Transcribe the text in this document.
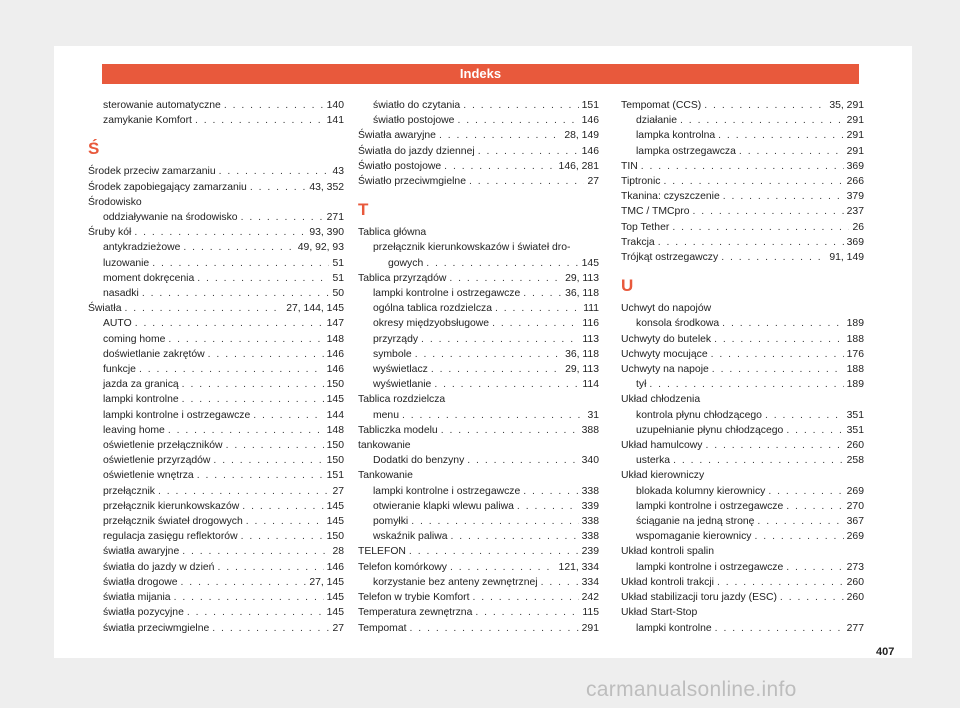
Indeks
sterowanie automatyczne . . .	140
zamykanie Komfort . . .	141
Ś
Środek przeciw zamarzaniu . . .	43
Środek zapobiegający zamarzaniu . . .	43, 352
Środowisko
oddziaływanie na środowisko . . .	271
Śruby kół . . .	93, 390
antykradzieżowe . . .	49, 92, 93
luzowanie . . .	51
moment dokręcenia . . .	51
nasadki . . .	50
Światła . . .	27, 144, 145
AUTO . . .	147
coming home . . .	148
doświetlanie zakrętów . . .	146
funkcje . . .	146
jazda za granicą . . .	150
lampki kontrolne . . .	145
lampki kontrolne i ostrzegawcze . . .	144
leaving home . . .	148
oświetlenie przełączników . . .	150
oświetlenie przyrządów . . .	150
oświetlenie wnętrza . . .	151
przełącznik . . .	27
przełącznik kierunkowskazów . . .	145
przełącznik świateł drogowych . . .	145
regulacja zasięgu reflektorów . . .	150
światła awaryjne . . .	28
światła do jazdy w dzień . . .	146
światła drogowe . . .	27, 145
światła mijania . . .	145
światła pozycyjne . . .	145
światła przeciwmgielne . . .	27
światło do czytania . . .	151
światło postojowe . . .	146
Światła awaryjne . . .	28, 149
Światła do jazdy dziennej . . .	146
Światło postojowe . . .	146, 281
Światło przeciwmgielne . . .	27
T
Tablica główna
przełącznik kierunkowskazów i świateł dro-
gowych . . .	145
Tablica przyrządów . . .	29, 113
lampki kontrolne i ostrzegawcze . . .	36, 118
ogólna tablica rozdzielcza . . .	111
okresy międzyobsługowe . . .	116
przyrządy . . .	113
symbole . . .	36, 118
wyświetlacz . . .	29, 113
wyświetlanie . . .	114
Tablica rozdzielcza
menu . . .	31
Tabliczka modelu . . .	388
tankowanie
Dodatki do benzyny . . .	340
Tankowanie
lampki kontrolne i ostrzegawcze . . .	338
otwieranie klapki wlewu paliwa . . .	339
pomyłki . . .	338
wskaźnik paliwa . . .	338
TELEFON . . .	239
Telefon komórkowy . . .	121, 334
korzystanie bez anteny zewnętrznej . . .	334
Telefon w trybie Komfort . . .	242
Temperatura zewnętrzna . . .	115
Tempomat . . .	291
Tempomat (CCS) . . .	35, 291
działanie . . .	291
lampka kontrolna . . .	291
lampka ostrzegawcza . . .	291
TIN . . .	369
Tiptronic . . .	266
Tkanina: czyszczenie . . .	379
TMC / TMCpro . . .	237
Top Tether . . .	26
Trakcja . . .	369
Trójkąt ostrzegawczy . . .	91, 149
U
Uchwyt do napojów
konsola środkowa . . .	189
Uchwyty do butelek . . .	188
Uchwyty mocujące . . .	176
Uchwyty na napoje . . .	188
tył . . .	189
Układ chłodzenia
kontrola płynu chłodzącego . . .	351
uzupełnianie płynu chłodzącego . . .	351
Układ hamulcowy . . .	260
usterka . . .	258
Układ kierowniczy
blokada kolumny kierownicy . . .	269
lampki kontrolne i ostrzegawcze . . .	270
ściąganie na jedną stronę . . .	367
wspomaganie kierownicy . . .	269
Układ kontroli spalin
lampki kontrolne i ostrzegawcze . . .	273
Układ kontroli trakcji . . .	260
Układ stabilizacji toru jazdy (ESC) . . .	260
Układ Start-Stop
lampki kontrolne . . .	277
407
carmanualsonline.info
